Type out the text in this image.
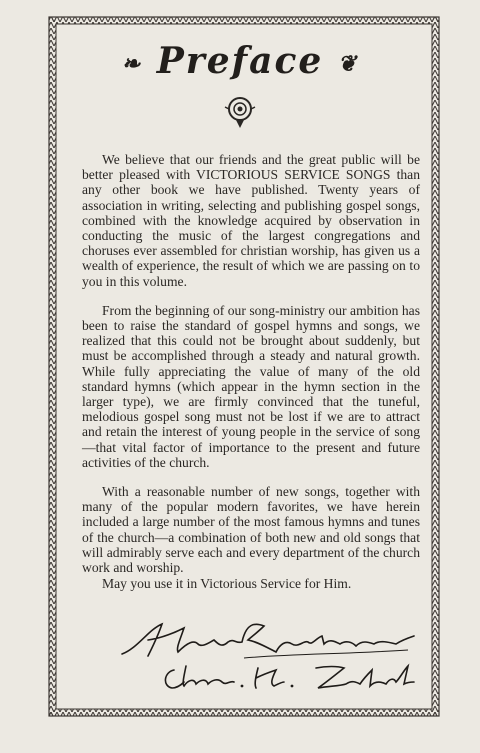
❧ Preface ❦

We believe that our friends and the great public will be better pleased with VICTORIOUS SERVICE SONGS than any other book we have published. Twenty years of association in writing, selecting and publishing gospel songs, combined with the knowledge acquired by observation in conducting the music of the largest congregations and choruses ever assembled for christian worship, has given us a wealth of experience, the result of which we are passing on to you in this volume.

From the beginning of our song-ministry our ambition has been to raise the standard of gospel hymns and songs, we realized that this could not be brought about suddenly, but must be accomplished through a steady and natural growth. While fully appreciating the value of many of the old standard hymns (which appear in the hymn section in the larger type), we are firmly convinced that the tuneful, melodious gospel song must not be lost if we are to attract and retain the interest of young people in the service of song—that vital factor of importance to the present and future activities of the church.

With a reasonable number of new songs, together with many of the popular modern favorites, we have herein included a large number of the most famous hymns and tunes of the church—a combination of both new and old songs that will admirably serve each and every department of the church work and worship.

May you use it in Victorious Service for Him.
